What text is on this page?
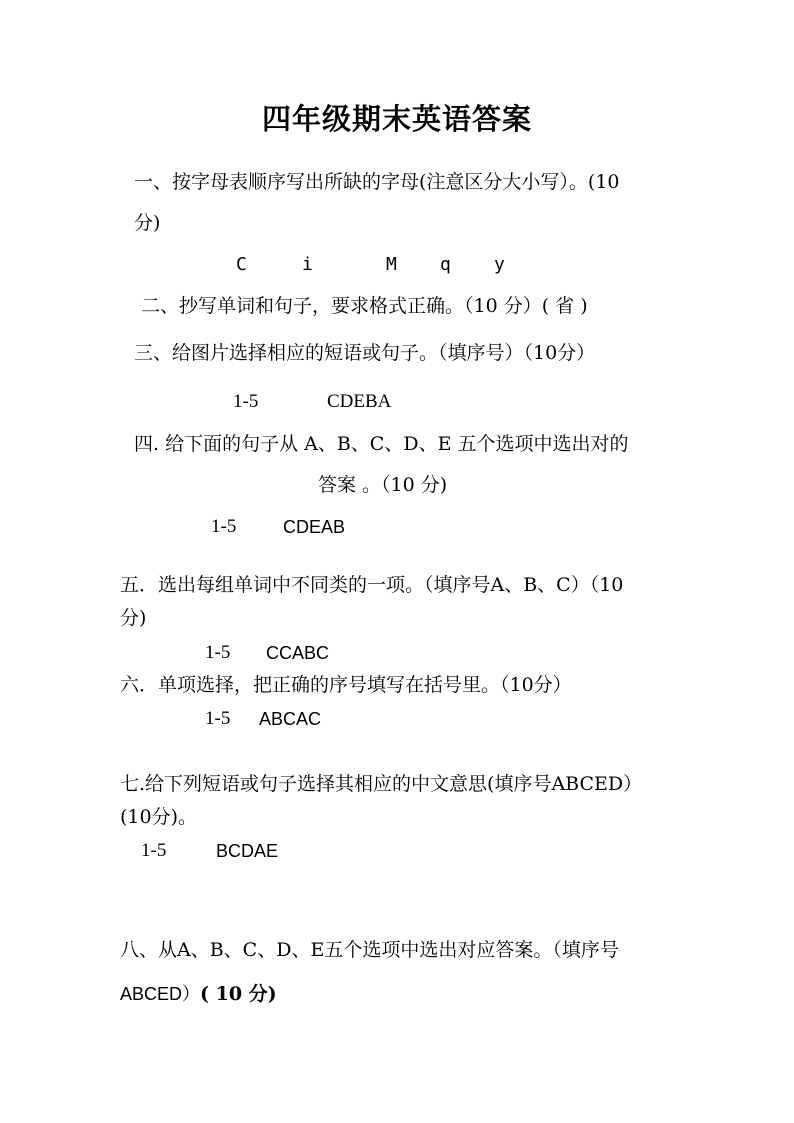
四年级期末英语答案
一、按字母表顺序写出所缺的字母(注意区分大小写）。(10
分)
C	i	M q y
二、抄写单词和句子，要求格式正确。（10 分）( 省 )
三、给图片选择相应的短语或句子。（填序号）（10分）
1-5	CDEBA
四. 给下面的句子从 A、B、C、D、E 五个选项中选出对的
答案 。（10 分)
1-5	CDEAB
五．选出每组单词中不同类的一项。（填序号A、B、C）（10
分)
1-5 CCABC
六．单项选择，把正确的序号填写在括号里。（10分）
1-5 ABCAC
七.给下列短语或句子选择其相应的中文意思(填序号ABCED）
(10分)。
1-5	BCDAE
八、从A、B、C、D、E五个选项中选出对应答案。（填序号
ABCED）( 10 分)
